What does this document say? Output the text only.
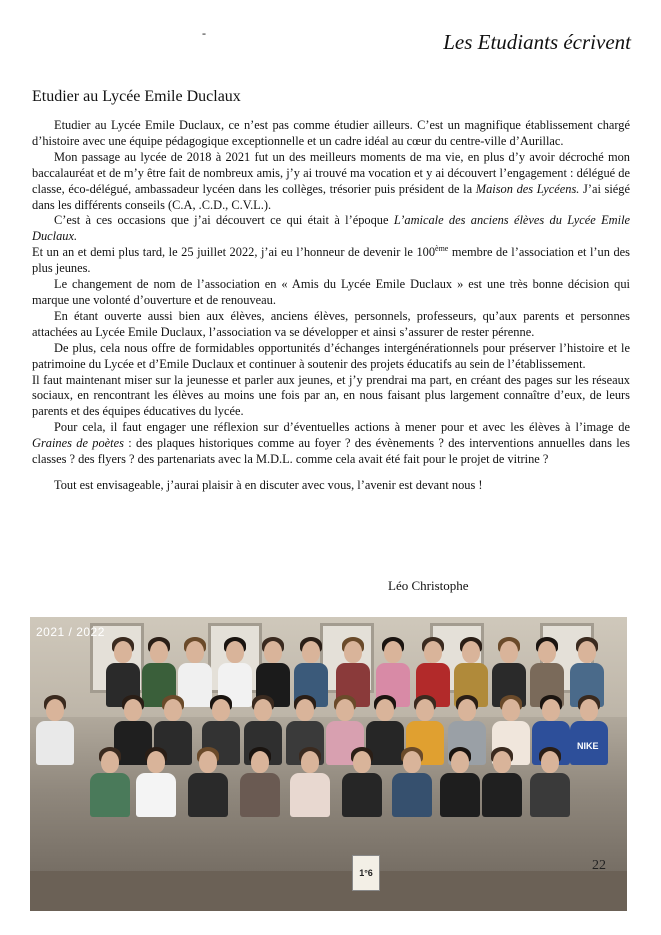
-	Les Etudiants écrivent
Etudier au Lycée Emile Duclaux

Etudier au Lycée Emile Duclaux, ce n’est pas comme étudier ailleurs. C’est un magnifique établissement chargé d’histoire avec une équipe pédagogique exceptionnelle et un cadre idéal au cœur du centre-ville d’Aurillac.

Mon passage au lycée de 2018 à 2021 fut un des meilleurs moments de ma vie, en plus d’y avoir décroché mon baccalauréat et de m’y être fait de nombreux amis, j’y ai trouvé ma vocation et y ai découvert l’engagement : délégué de classe, éco-délégué, ambassadeur lycéen dans les collèges, trésorier puis président de la Maison des Lycéens. J’ai siégé dans les différents conseils (C.A, .C.D., C.V.L.).

C’est à ces occasions que j’ai découvert ce qui était à l’époque L’amicale des anciens élèves du Lycée Emile Duclaux.

Et un an et demi plus tard, le 25 juillet 2022, j’ai eu l’honneur de devenir le 100ème membre de l’association et l’un des plus jeunes.

Le changement de nom de l’association en « Amis du Lycée Emile Duclaux » est une très bonne décision qui marque une volonté d’ouverture et de renouveau.

En étant ouverte aussi bien aux élèves, anciens élèves, personnels, professeurs, qu’aux parents et personnes attachées au Lycée Emile Duclaux, l’association va se développer et ainsi s’assurer de rester pérenne.

De plus, cela nous offre de formidables opportunités d’échanges intergénérationnels pour préserver l’histoire et le patrimoine du Lycée et d’Emile Duclaux et continuer à soutenir des projets éducatifs au sein de l’établissement.

Il faut maintenant miser sur la jeunesse et parler aux jeunes, et j’y prendrai ma part, en créant des pages sur les réseaux sociaux, en rencontrant les élèves au moins une fois par an, en nous faisant plus largement connaître d’eux, de leurs parents et des équipes éducatives du lycée.

Pour cela, il faut engager une réflexion sur d’éventuelles actions à mener pour et avec les élèves à l’image de Graines de poètes : des plaques historiques comme au foyer ? des évènements ? des interventions annuelles dans les classes ? des flyers ? des partenariats avec la M.D.L. comme cela avait été fait pour le projet de vitrine ?

Tout est envisageable, j’aurai plaisir à en discuter avec vous, l’avenir est devant nous !

Léo Christophe
NIKE
1°6
2021 / 2022
22
